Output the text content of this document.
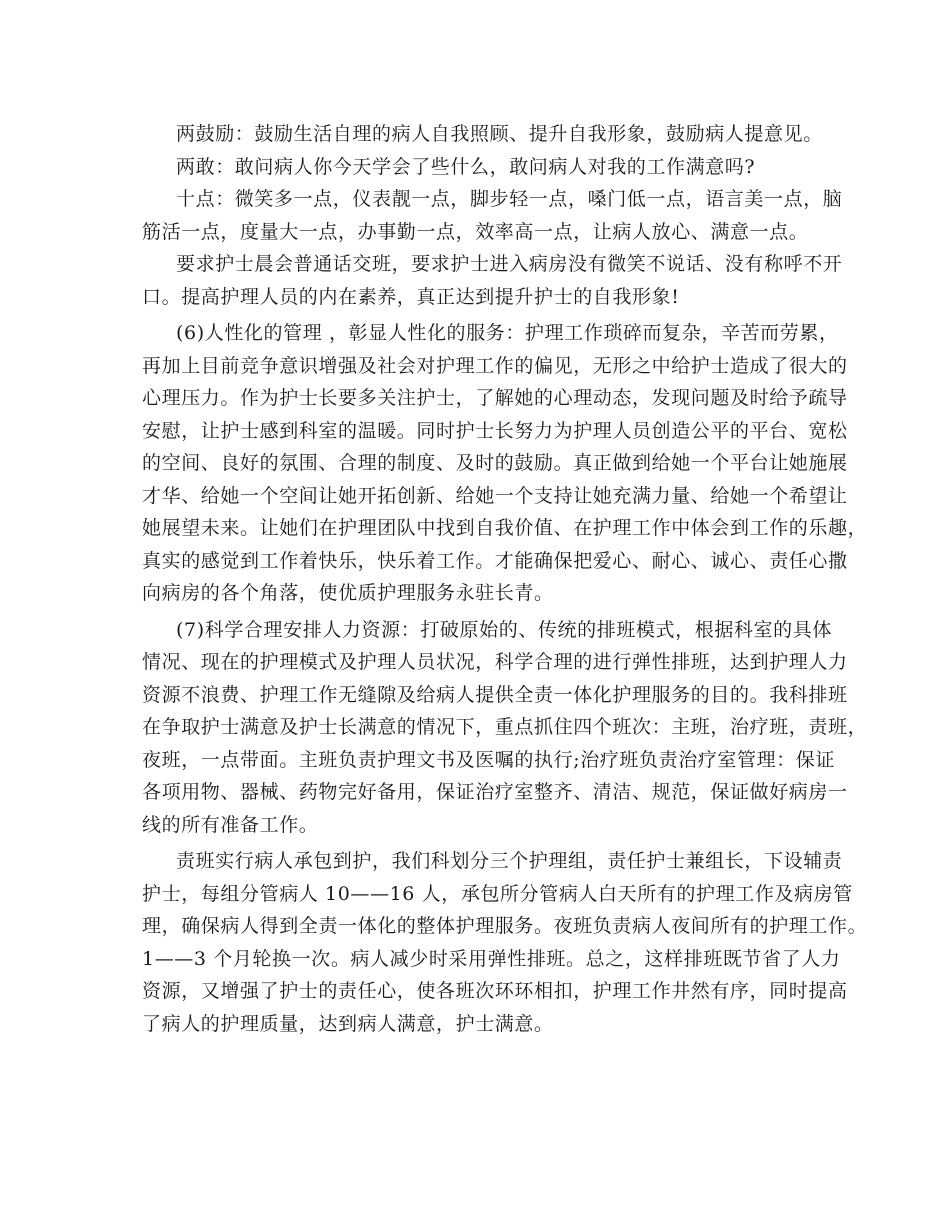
两鼓励：鼓励生活自理的病人自我照顾、提升自我形象，鼓励病人提意见。
两敢：敢问病人你今天学会了些什么，敢问病人对我的工作满意吗?
十点：微笑多一点，仪表靓一点，脚步轻一点，嗓门低一点，语言美一点，脑
筋活一点，度量大一点，办事勤一点，效率高一点，让病人放心、满意一点。
要求护士晨会普通话交班，要求护士进入病房没有微笑不说话、没有称呼不开
口。提高护理人员的内在素养，真正达到提升护士的自我形象!
(6)人性化的管理 ，彰显人性化的服务：护理工作琐碎而复杂，辛苦而劳累，
再加上目前竞争意识增强及社会对护理工作的偏见，无形之中给护士造成了很大的
心理压力。作为护士长要多关注护士，了解她的心理动态，发现问题及时给予疏导
安慰，让护士感到科室的温暖。同时护士长努力为护理人员创造公平的平台、宽松
的空间、良好的氛围、合理的制度、及时的鼓励。真正做到给她一个平台让她施展
才华、给她一个空间让她开拓创新、给她一个支持让她充满力量、给她一个希望让
她展望未来。让她们在护理团队中找到自我价值、在护理工作中体会到工作的乐趣，
真实的感觉到工作着快乐，快乐着工作。才能确保把爱心、耐心、诚心、责任心撒
向病房的各个角落，使优质护理服务永驻长青。
(7)科学合理安排人力资源：打破原始的、传统的排班模式，根据科室的具体
情况、现在的护理模式及护理人员状况，科学合理的进行弹性排班，达到护理人力
资源不浪费、护理工作无缝隙及给病人提供全责一体化护理服务的目的。我科排班
在争取护士满意及护士长满意的情况下，重点抓住四个班次：主班，治疗班，责班，
夜班，一点带面。主班负责护理文书及医嘱的执行;治疗班负责治疗室管理：保证
各项用物、器械、药物完好备用，保证治疗室整齐、清洁、规范，保证做好病房一
线的所有准备工作。
责班实行病人承包到护，我们科划分三个护理组，责任护士兼组长，下设辅责
护士，每组分管病人 10——16 人，承包所分管病人白天所有的护理工作及病房管
理，确保病人得到全责一体化的整体护理服务。夜班负责病人夜间所有的护理工作。
1——3 个月轮换一次。病人减少时采用弹性排班。总之，这样排班既节省了人力
资源，又增强了护士的责任心，使各班次环环相扣，护理工作井然有序，同时提高
了病人的护理质量，达到病人满意，护士满意。
